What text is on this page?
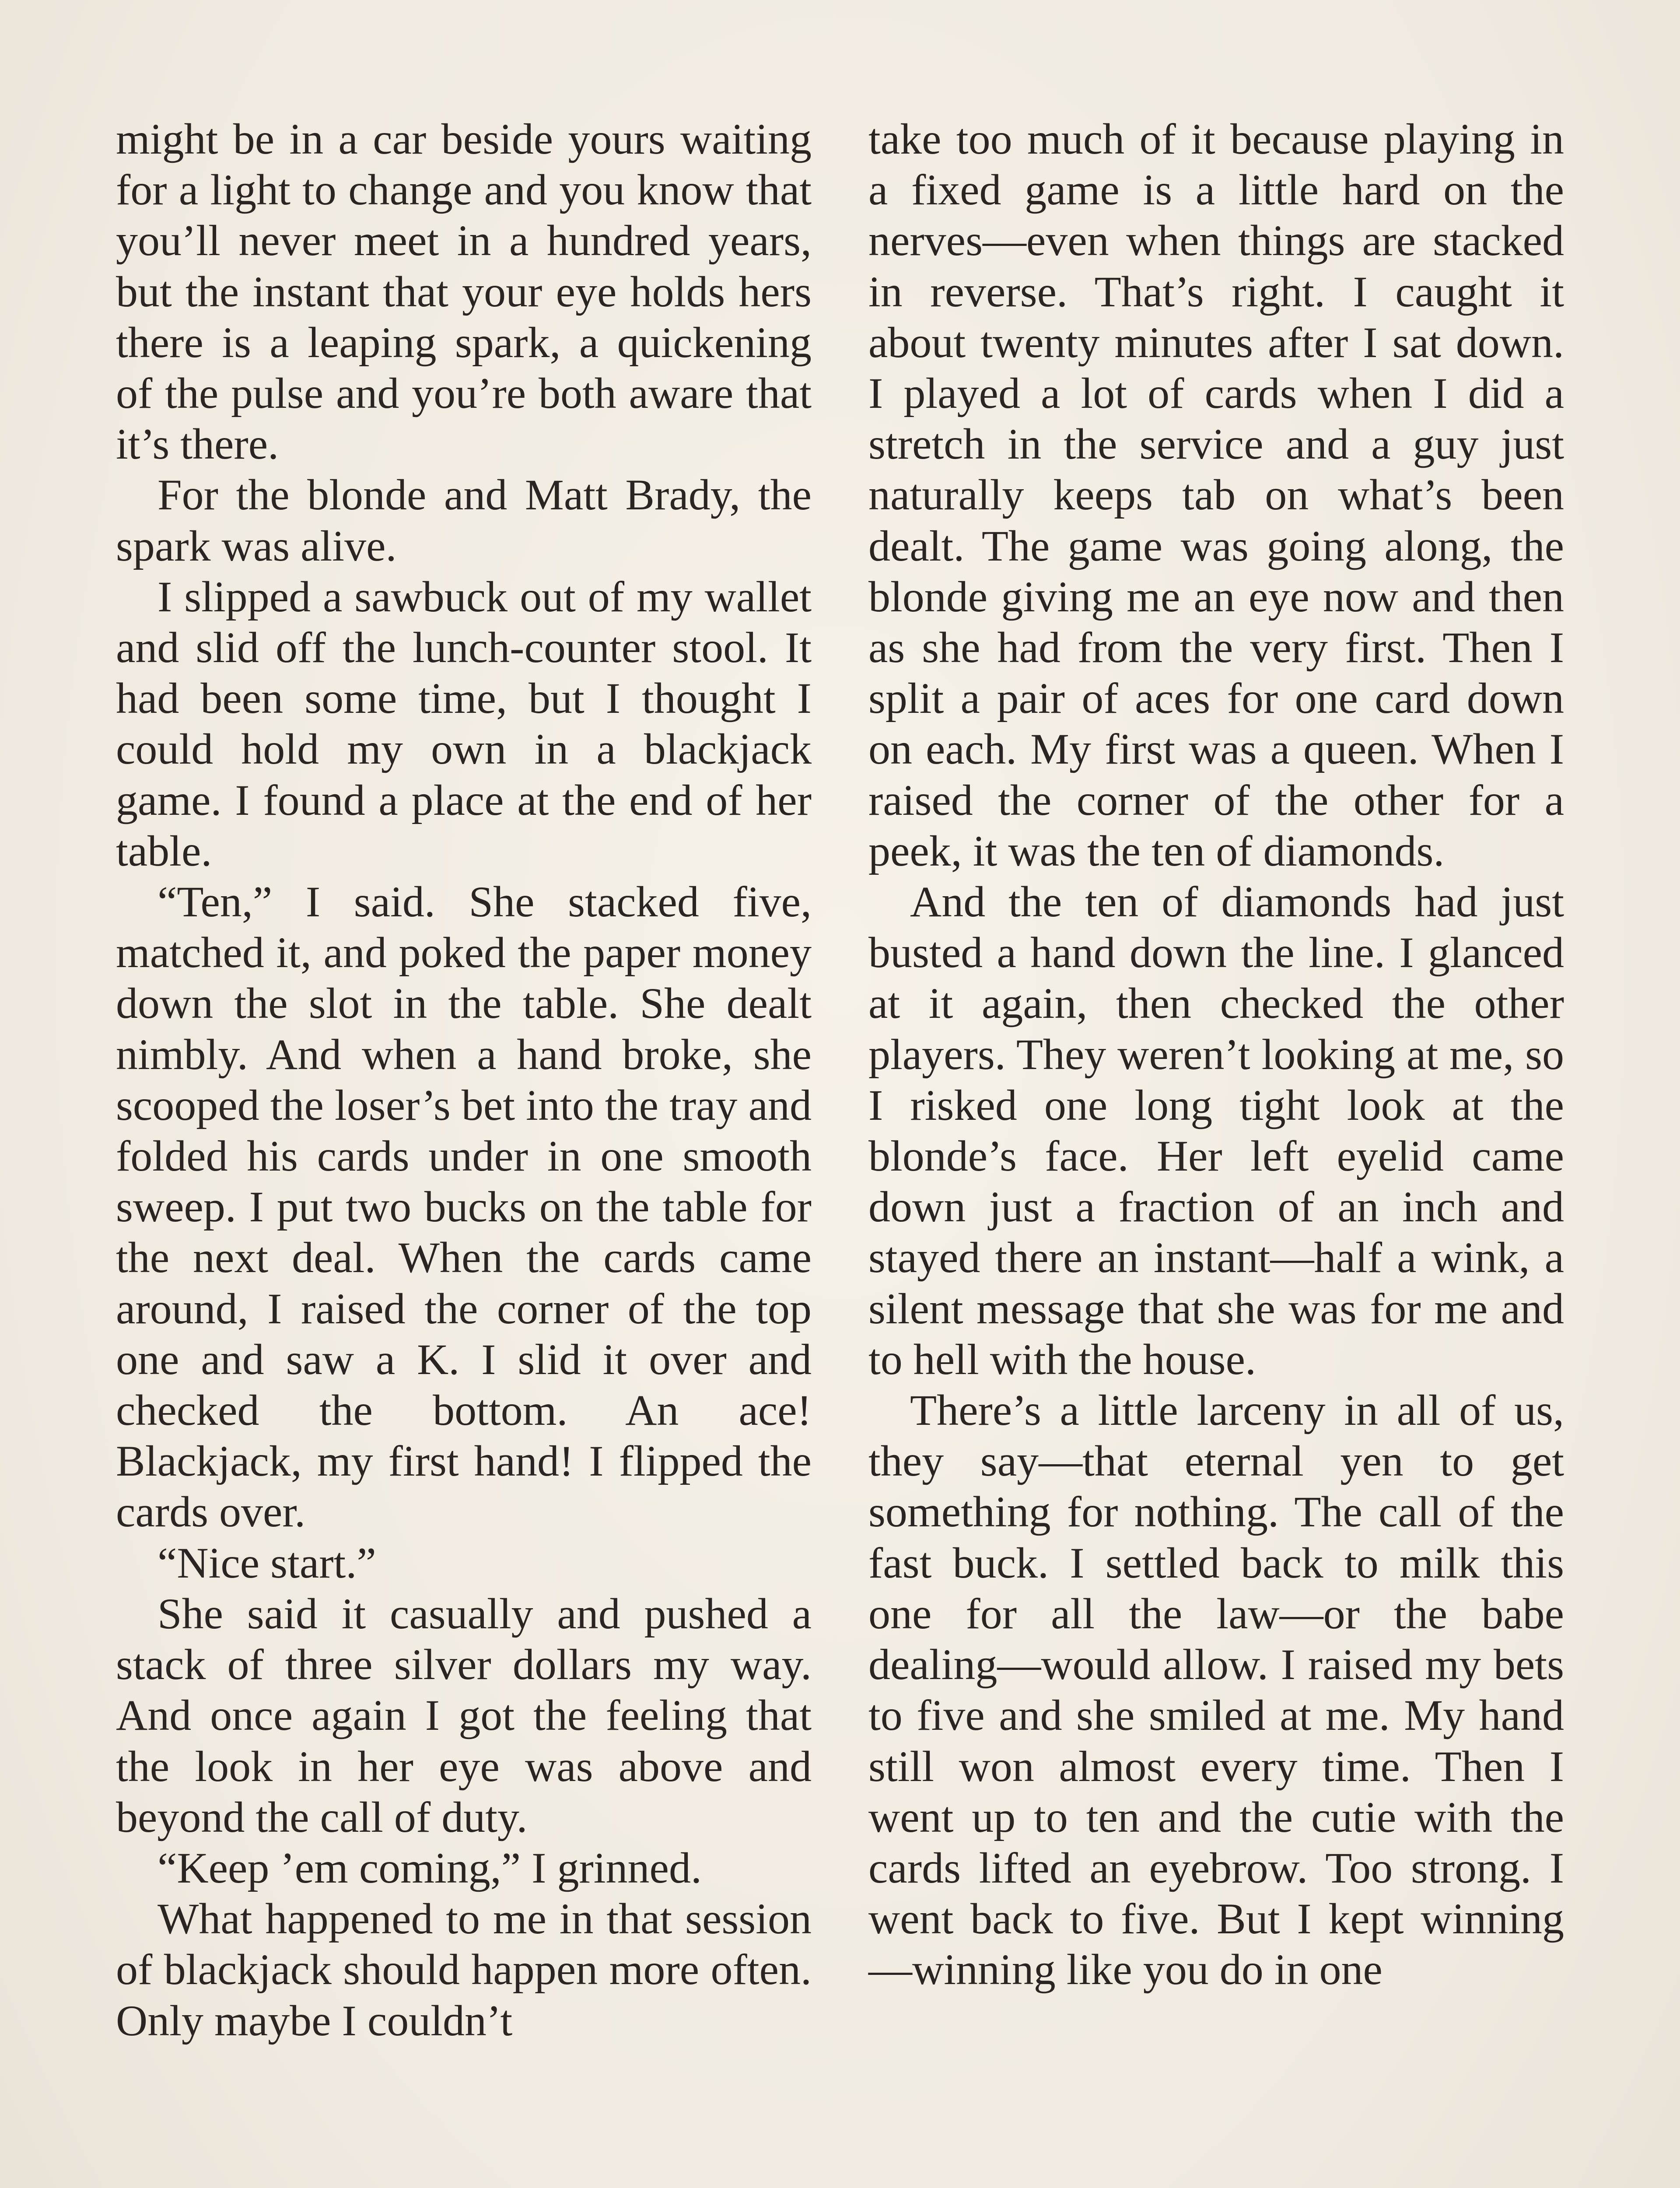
might be in a car beside yours waiting for a light to change and you know that you’ll never meet in a hundred years, but the instant that your eye holds hers there is a leaping spark, a quickening of the pulse and you’re both aware that it’s there.

For the blonde and Matt Brady, the spark was alive.

I slipped a sawbuck out of my wallet and slid off the lunch-counter stool. It had been some time, but I thought I could hold my own in a blackjack game. I found a place at the end of her table.

“Ten,” I said. She stacked five, matched it, and poked the paper money down the slot in the table. She dealt nimbly. And when a hand broke, she scooped the loser’s bet into the tray and folded his cards under in one smooth sweep. I put two bucks on the table for the next deal. When the cards came around, I raised the corner of the top one and saw a K. I slid it over and checked the bottom. An ace! Blackjack, my first hand! I flipped the cards over.

“Nice start.”

She said it casually and pushed a stack of three silver dollars my way. And once again I got the feeling that the look in her eye was above and beyond the call of duty.

“Keep ’em coming,” I grinned.

What happened to me in that session of blackjack should happen more often. Only maybe I couldn’t

take too much of it because playing in a fixed game is a little hard on the nerves—even when things are stacked in reverse. That’s right. I caught it about twenty minutes after I sat down. I played a lot of cards when I did a stretch in the service and a guy just naturally keeps tab on what’s been dealt. The game was going along, the blonde giving me an eye now and then as she had from the very first. Then I split a pair of aces for one card down on each. My first was a queen. When I raised the corner of the other for a peek, it was the ten of diamonds.

And the ten of diamonds had just busted a hand down the line. I glanced at it again, then checked the other players. They weren’t looking at me, so I risked one long tight look at the blonde’s face. Her left eyelid came down just a fraction of an inch and stayed there an instant—half a wink, a silent message that she was for me and to hell with the house.

There’s a little larceny in all of us, they say—that eternal yen to get something for nothing. The call of the fast buck. I settled back to milk this one for all the law—or the babe dealing—would allow. I raised my bets to five and she smiled at me. My hand still won almost every time. Then I went up to ten and the cutie with the cards lifted an eyebrow. Too strong. I went back to five. But I kept winning—winning like you do in one
